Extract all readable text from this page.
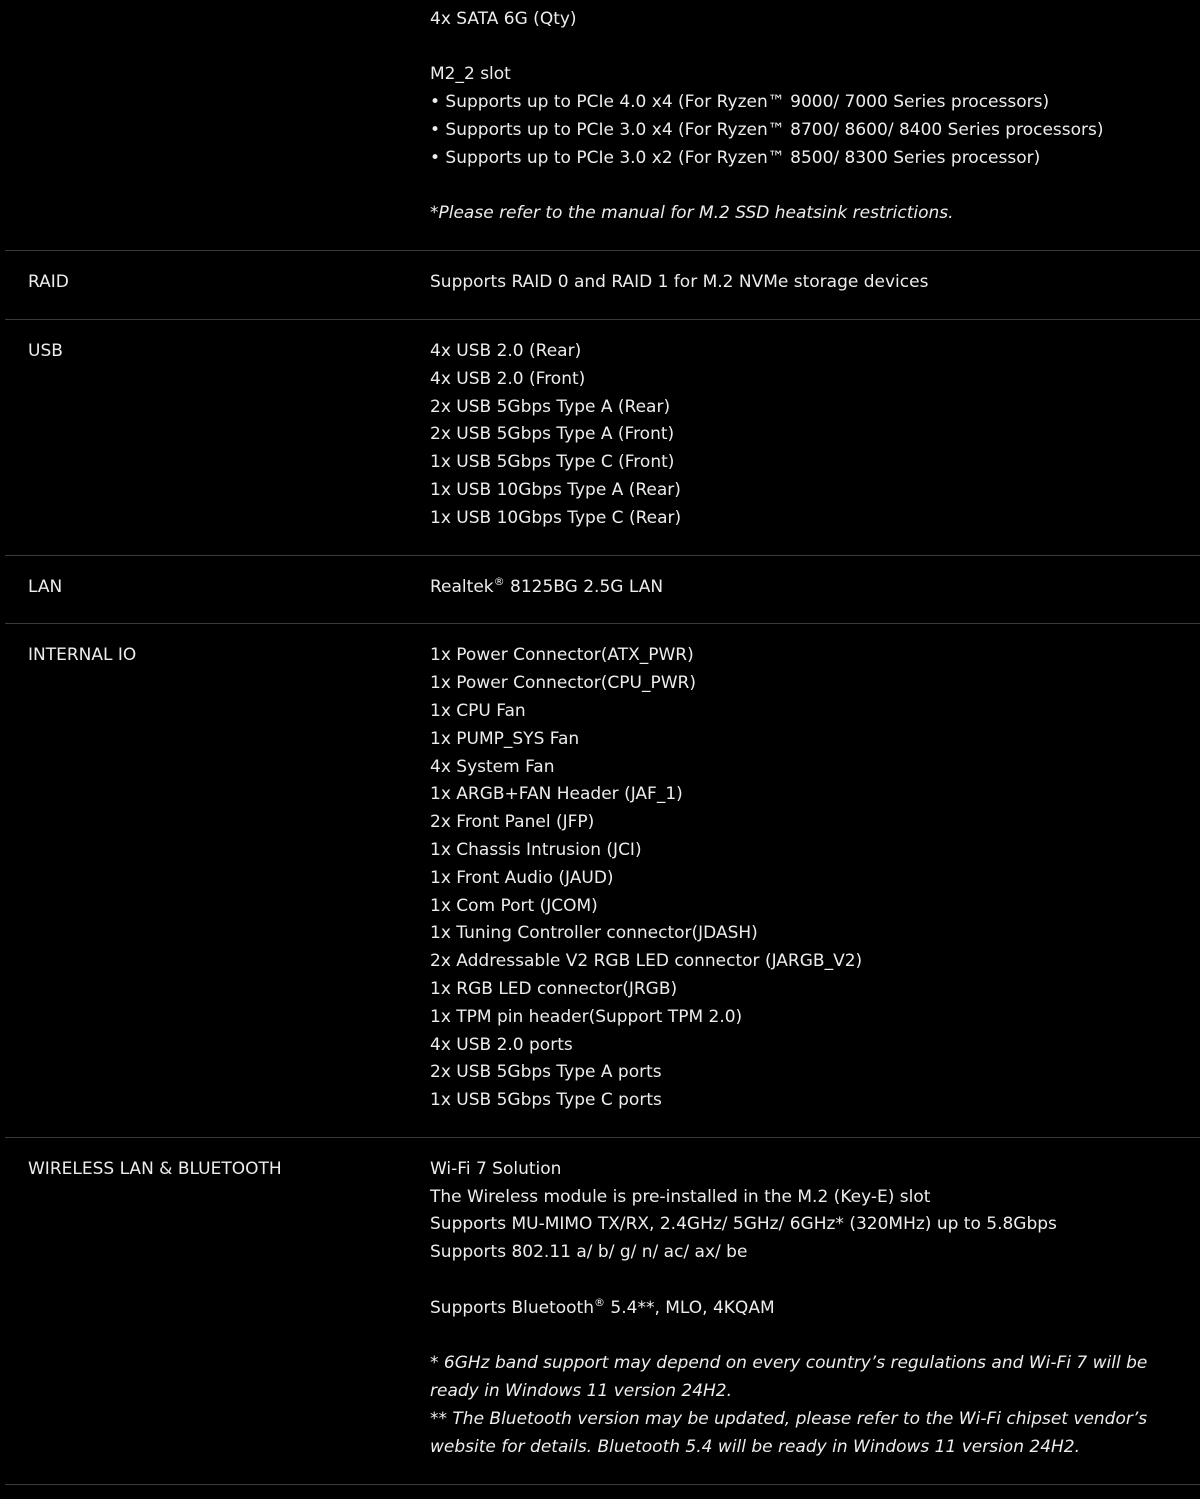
4x SATA 6G (Qty)
M2_2 slot
• Supports up to PCIe 4.0 x4 (For Ryzen™ 9000/ 7000 Series processors)
• Supports up to PCIe 3.0 x4 (For Ryzen™ 8700/ 8600/ 8400 Series processors)
• Supports up to PCIe 3.0 x2 (For Ryzen™ 8500/ 8300 Series processor)
*Please refer to the manual for M.2 SSD heatsink restrictions.
RAID	Supports RAID 0 and RAID 1 for M.2 NVMe storage devices
USB	4x USB 2.0 (Rear)
4x USB 2.0 (Front)
2x USB 5Gbps Type A (Rear)
2x USB 5Gbps Type A (Front)
1x USB 5Gbps Type C (Front)
1x USB 10Gbps Type A (Rear)
1x USB 10Gbps Type C (Rear)
LAN	Realtek® 8125BG 2.5G LAN
INTERNAL IO	1x Power Connector(ATX_PWR)
1x Power Connector(CPU_PWR)
1x CPU Fan
1x PUMP_SYS Fan
4x System Fan
1x ARGB+FAN Header (JAF_1)
2x Front Panel (JFP)
1x Chassis Intrusion (JCI)
1x Front Audio (JAUD)
1x Com Port (JCOM)
1x Tuning Controller connector(JDASH)
2x Addressable V2 RGB LED connector (JARGB_V2)
1x RGB LED connector(JRGB)
1x TPM pin header(Support TPM 2.0)
4x USB 2.0 ports
2x USB 5Gbps Type A ports
1x USB 5Gbps Type C ports
WIRELESS LAN & BLUETOOTH	Wi-Fi 7 Solution
The Wireless module is pre-installed in the M.2 (Key-E) slot
Supports MU-MIMO TX/RX, 2.4GHz/ 5GHz/ 6GHz* (320MHz) up to 5.8Gbps
Supports 802.11 a/ b/ g/ n/ ac/ ax/ be
Supports Bluetooth® 5.4**, MLO, 4KQAM
* 6GHz band support may depend on every country’s regulations and Wi-Fi 7 will be ready in Windows 11 version 24H2.
** The Bluetooth version may be updated, please refer to the Wi-Fi chipset vendor’s website for details. Bluetooth 5.4 will be ready in Windows 11 version 24H2.
